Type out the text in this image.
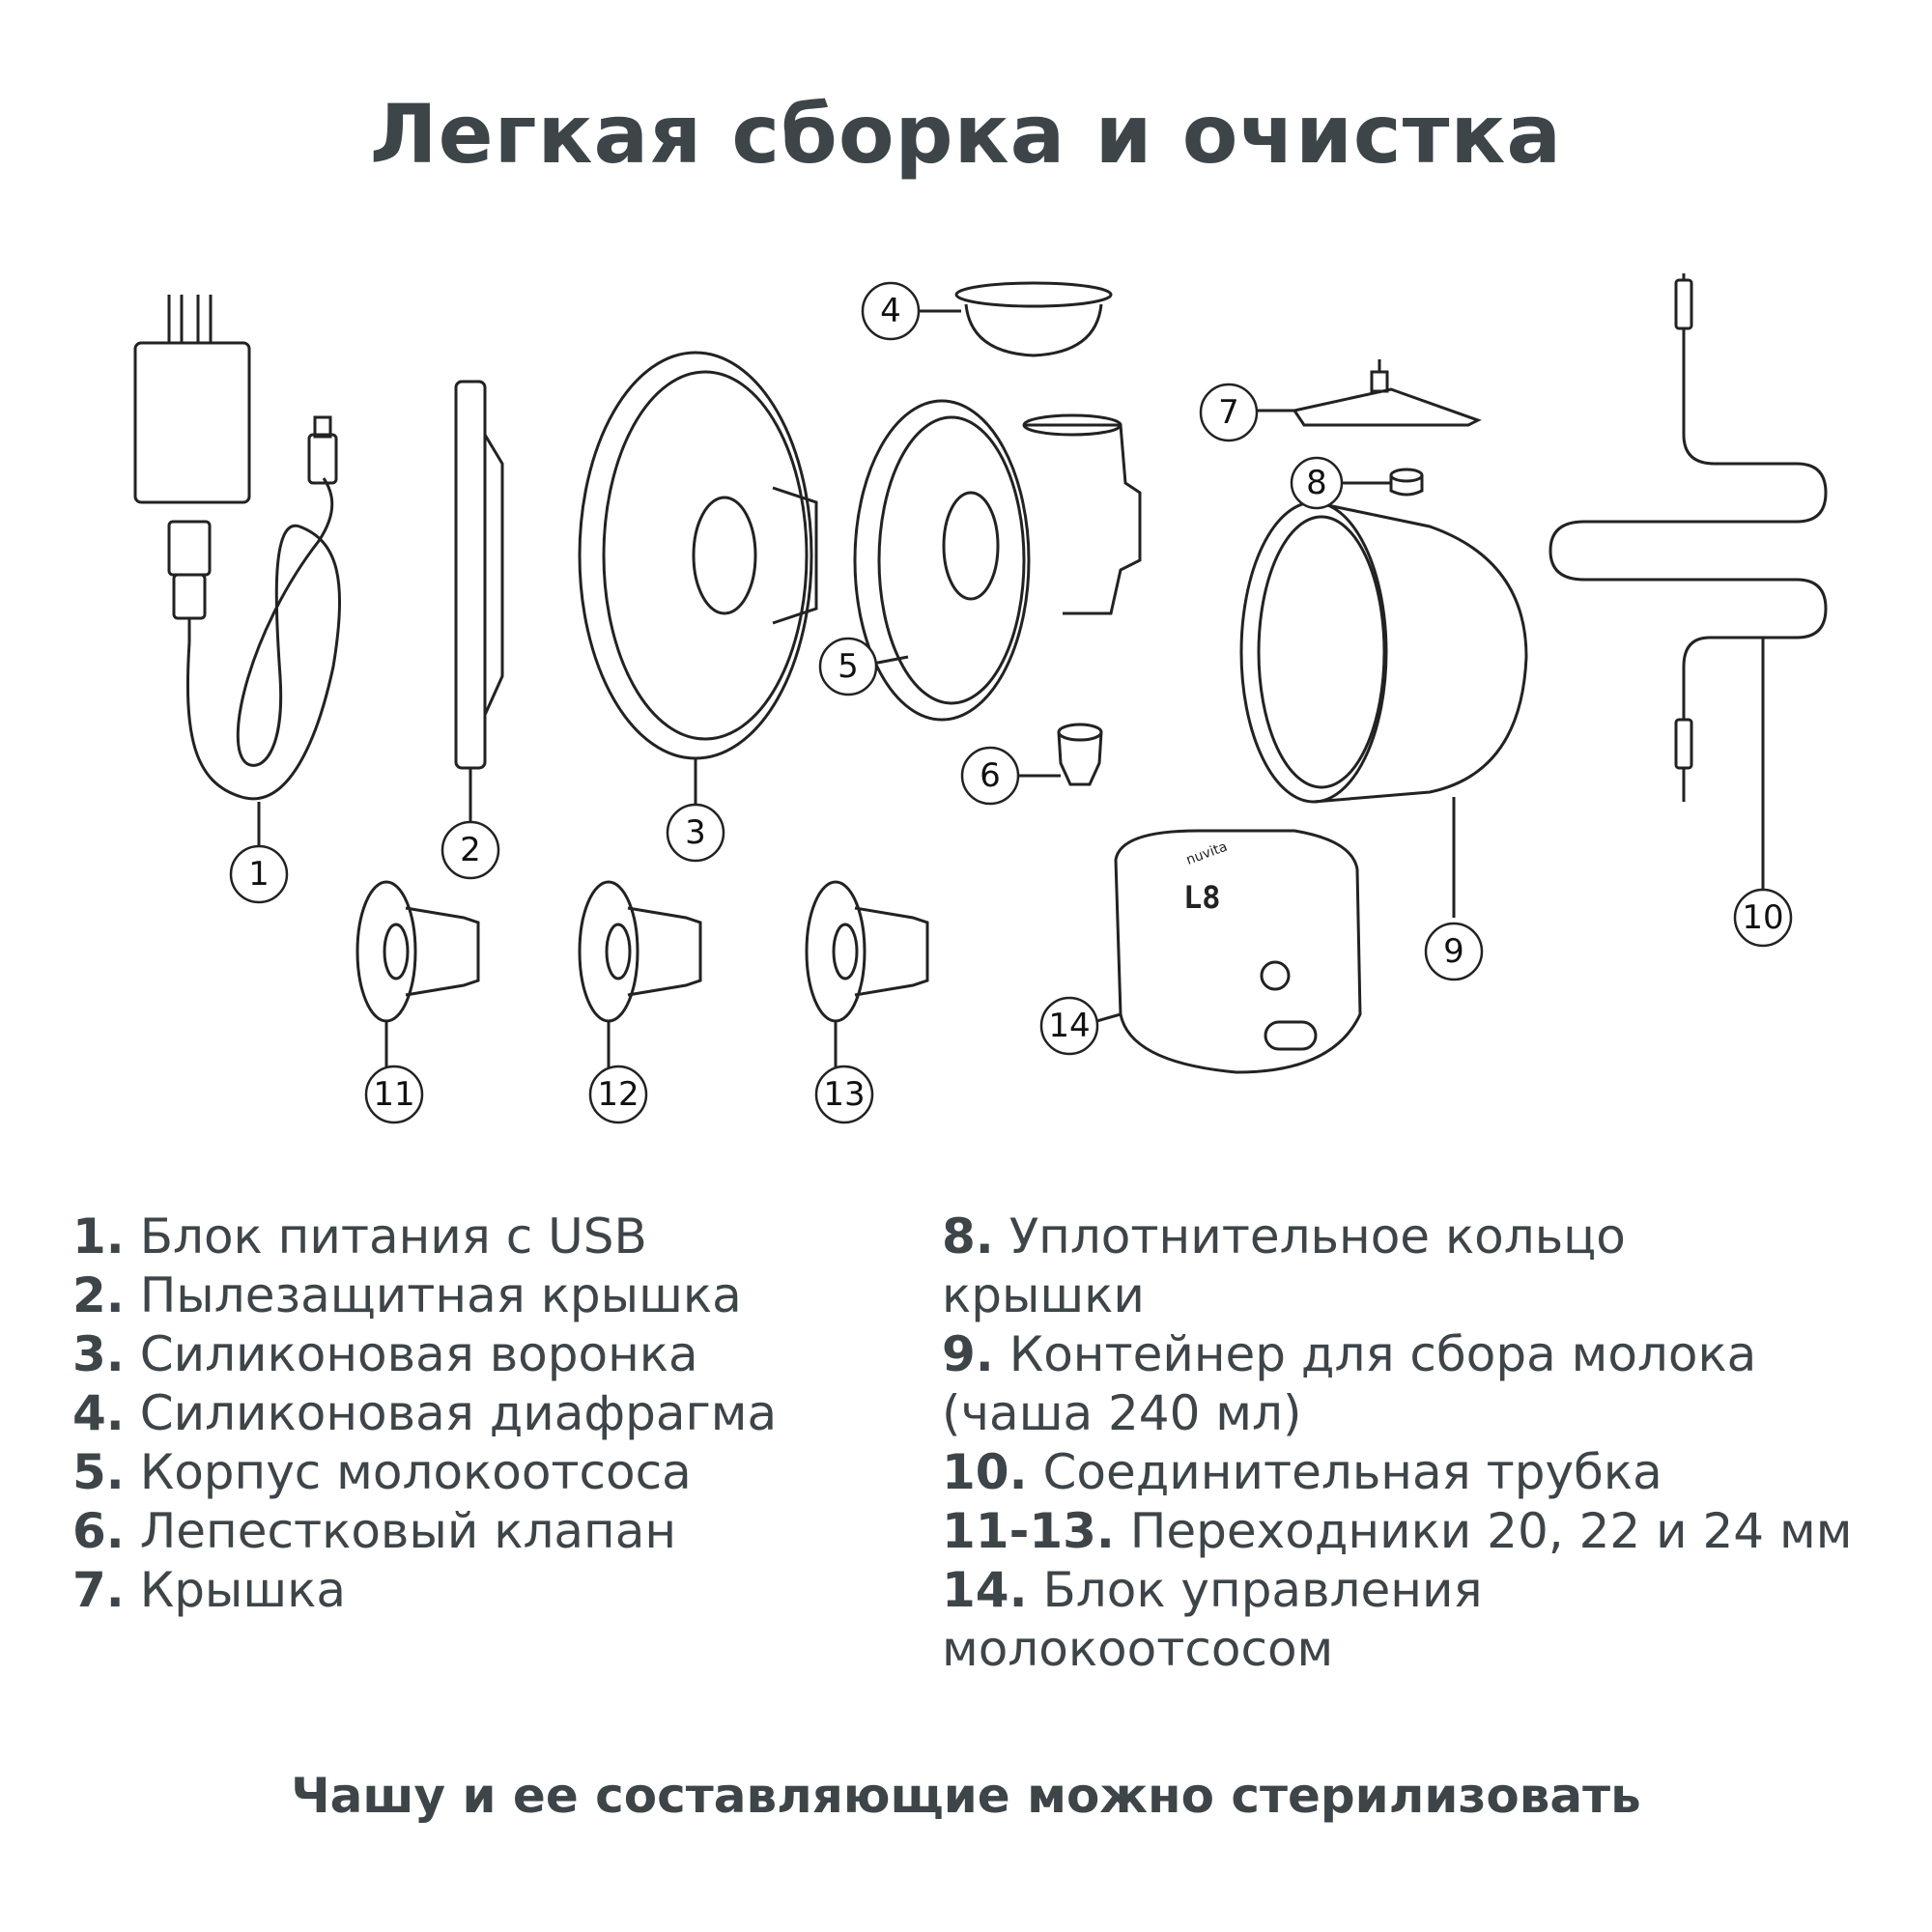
Легкая сборка и очистка
nuvita
L8
1
2	3
4
5
6
7
8
9
10
11	12	13
14
1. Блок питания с USB
2. Пылезащитная крышка
3. Силиконовая воронка
4. Силиконовая диафрагма
5. Корпус молокоотсоса
6. Лепестковый клапан
7. Крышка
8. Уплотнительное кольцо
крышки
9. Контейнер для сбора молока
(чаша 240 мл)
10. Соединительная трубка
11-13. Переходники 20, 22 и 24 мм
14. Блок управления
молокоотсосом
Чашу и ее составляющие можно стерилизовать
